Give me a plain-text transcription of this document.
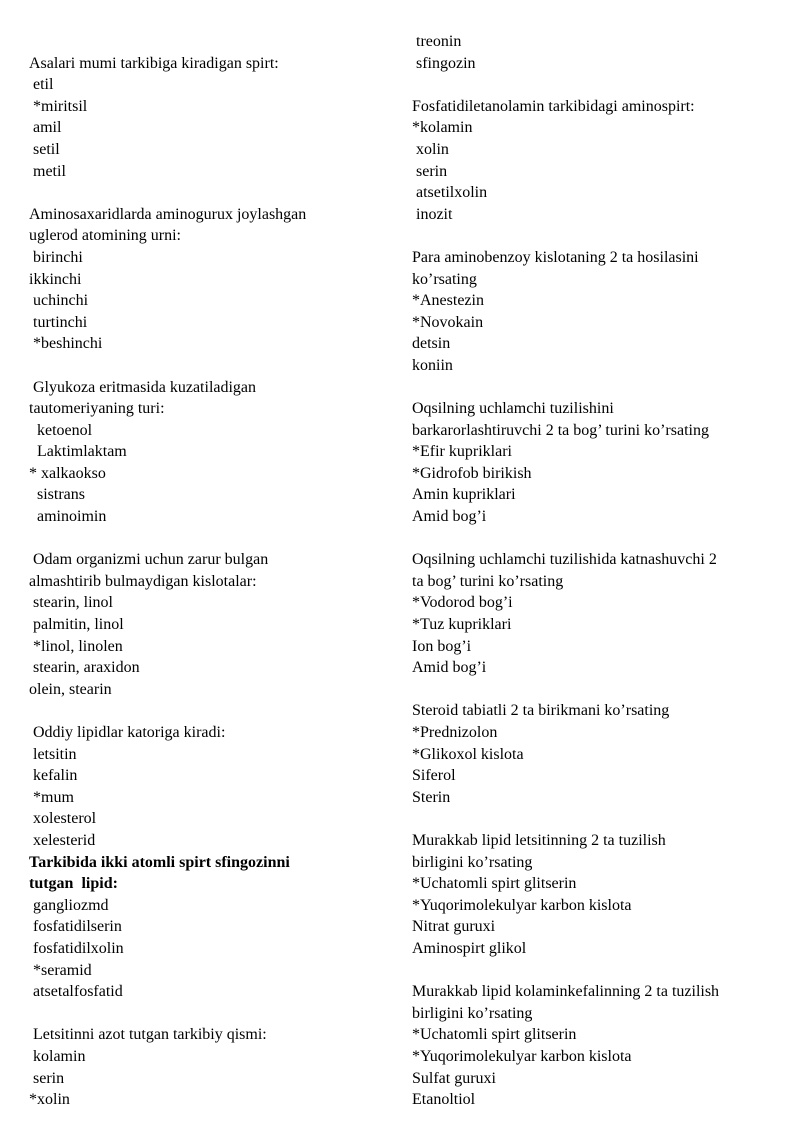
Asalari mumi tarkibiga kiradigan spirt:
etil
*miritsil
amil
setil
metil
Aminosaxaridlarda aminogurux joylashgan
uglerod atomining urni:
birinchi
ikkinchi
uchinchi
turtinchi
*beshinchi
Glyukoza eritmasida kuzatiladigan
tautomeriyaning turi:
ketoenol
Laktimlaktam
* xalkaokso
sistrans
aminoimin
Odam organizmi uchun zarur bulgan
almashtirib bulmaydigan kislotalar:
stearin, linol
palmitin, linol
*linol, linolen
stearin, araxidon
olein, stearin
Oddiy lipidlar katoriga kiradi:
letsitin
kefalin
*mum
xolesterol
xelesterid
Tarkibida ikki atomli spirt sfingozinni
tutgan  lipid:
gangliozmd
fosfatidilserin
fosfatidilxolin
*seramid
atsetalfosfatid
Letsitinni azot tutgan tarkibiy qismi:
kolamin
serin
*xolin
treonin
sfingozin
Fosfatidiletanolamin tarkibidagi aminospirt:
*kolamin
xolin
serin
atsetilxolin
inozit
Para aminobenzoy kislotaning 2 ta hosilasini
ko’rsating
*Anestezin
*Novokain
detsin
koniin
Oqsilning uchlamchi tuzilishini
barkarorlashtiruvchi 2 ta bog’ turini ko’rsating
*Efir kupriklari
*Gidrofob birikish
Amin kupriklari
Amid bog’i
Oqsilning uchlamchi tuzilishida katnashuvchi 2
ta bog’ turini ko’rsating
*Vodorod bog’i
*Tuz kupriklari
Ion bog’i
Amid bog’i
Steroid tabiatli 2 ta birikmani ko’rsating
*Prednizolon
*Glikoxol kislota
Siferol
Sterin
Murakkab lipid letsitinning 2 ta tuzilish
birligini ko’rsating
*Uchatomli spirt glitserin
*Yuqorimolekulyar karbon kislota
Nitrat guruxi
Aminospirt glikol
Murakkab lipid kolaminkefalinning 2 ta tuzilish
birligini ko’rsating
*Uchatomli spirt glitserin
*Yuqorimolekulyar karbon kislota
Sulfat guruxi
Etanoltiol
